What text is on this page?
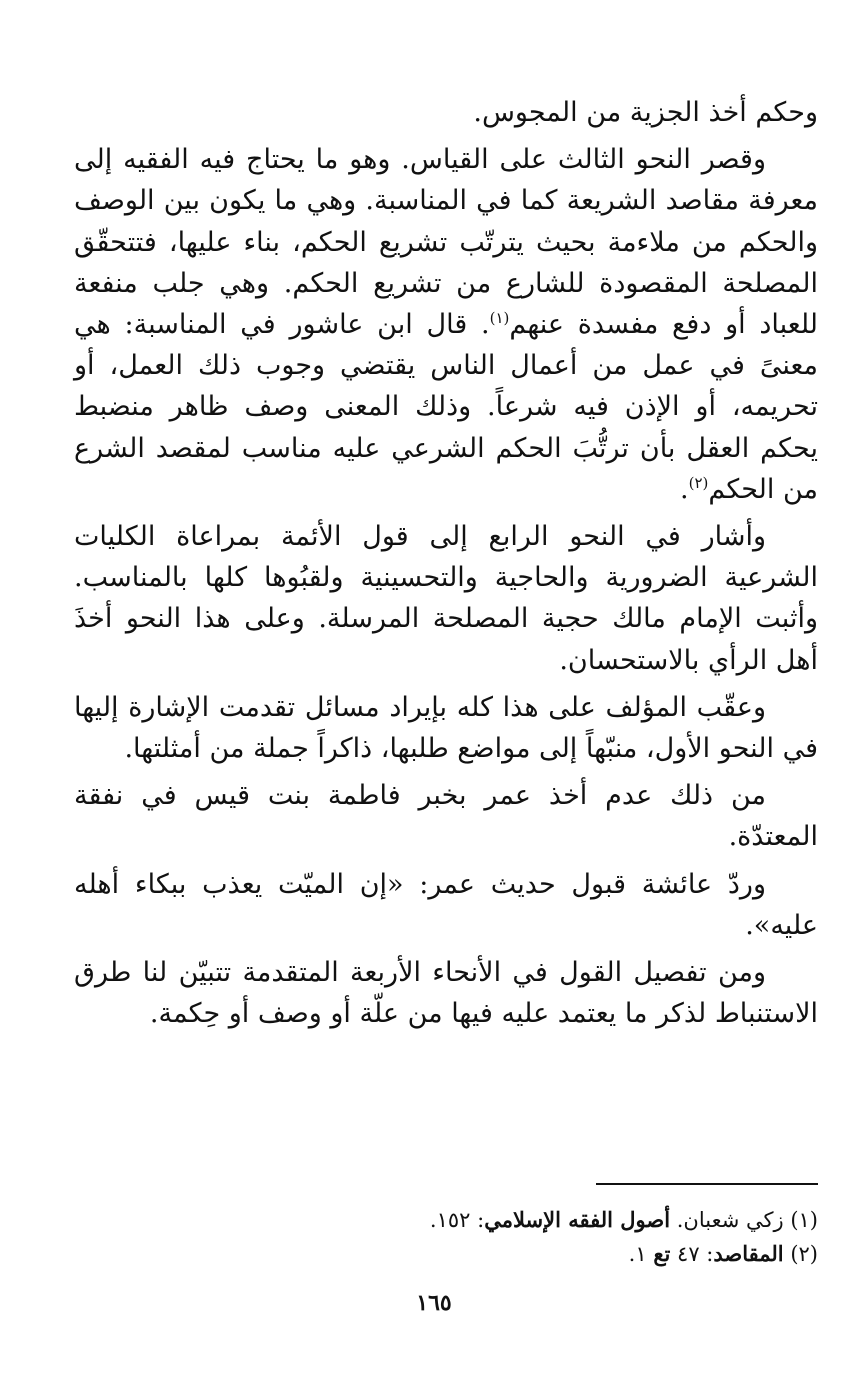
وحكم أخذ الجزية من المجوس.

وقصر النحو الثالث على القياس. وهو ما يحتاج فيه الفقيه إلى معرفة مقاصد الشريعة كما في المناسبة. وهي ما يكون بين الوصف والحكم من ملاءمة بحيث يترتّب تشريع الحكم، بناء عليها، فتتحقّق المصلحة المقصودة للشارع من تشريع الحكم. وهي جلب منفعة للعباد أو دفع مفسدة عنهم$^{(١)}$. قال ابن عاشور في المناسبة: هي معنىً في عمل من أعمال الناس يقتضي وجوب ذلك العمل، أو تحريمه، أو الإذن فيه شرعاً. وذلك المعنى وصف ظاهر منضبط يحكم العقل بأن ترتُّبَ الحكم الشرعي عليه مناسب لمقصد الشرع من الحكم$^{(٢)}$.

وأشار في النحو الرابع إلى قول الأئمة بمراعاة الكليات الشرعية الضرورية والحاجية والتحسينية ولقبُوها كلها بالمناسب. وأثبت الإمام مالك حجية المصلحة المرسلة. وعلى هذا النحو أخذَ أهل الرأي بالاستحسان.

وعقّب المؤلف على هذا كله بإيراد مسائل تقدمت الإشارة إليها في النحو الأول، منبّهاً إلى مواضع طلبها، ذاكراً جملة من أمثلتها.

من ذلك عدم أخذ عمر بخبر فاطمة بنت قيس في نفقة المعتدّة.

وردّ عائشة قبول حديث عمر: «إن الميّت يعذب ببكاء أهله عليه».

ومن تفصيل القول في الأنحاء الأربعة المتقدمة تتبيّن لنا طرق الاستنباط لذكر ما يعتمد عليه فيها من علّة أو وصف أو حِكمة.

(١) زكي شعبان. أصول الفقه الإسلامي: ١٥٢.
(٢) المقاصد: ٤٧ تع ١.
١٦٥
